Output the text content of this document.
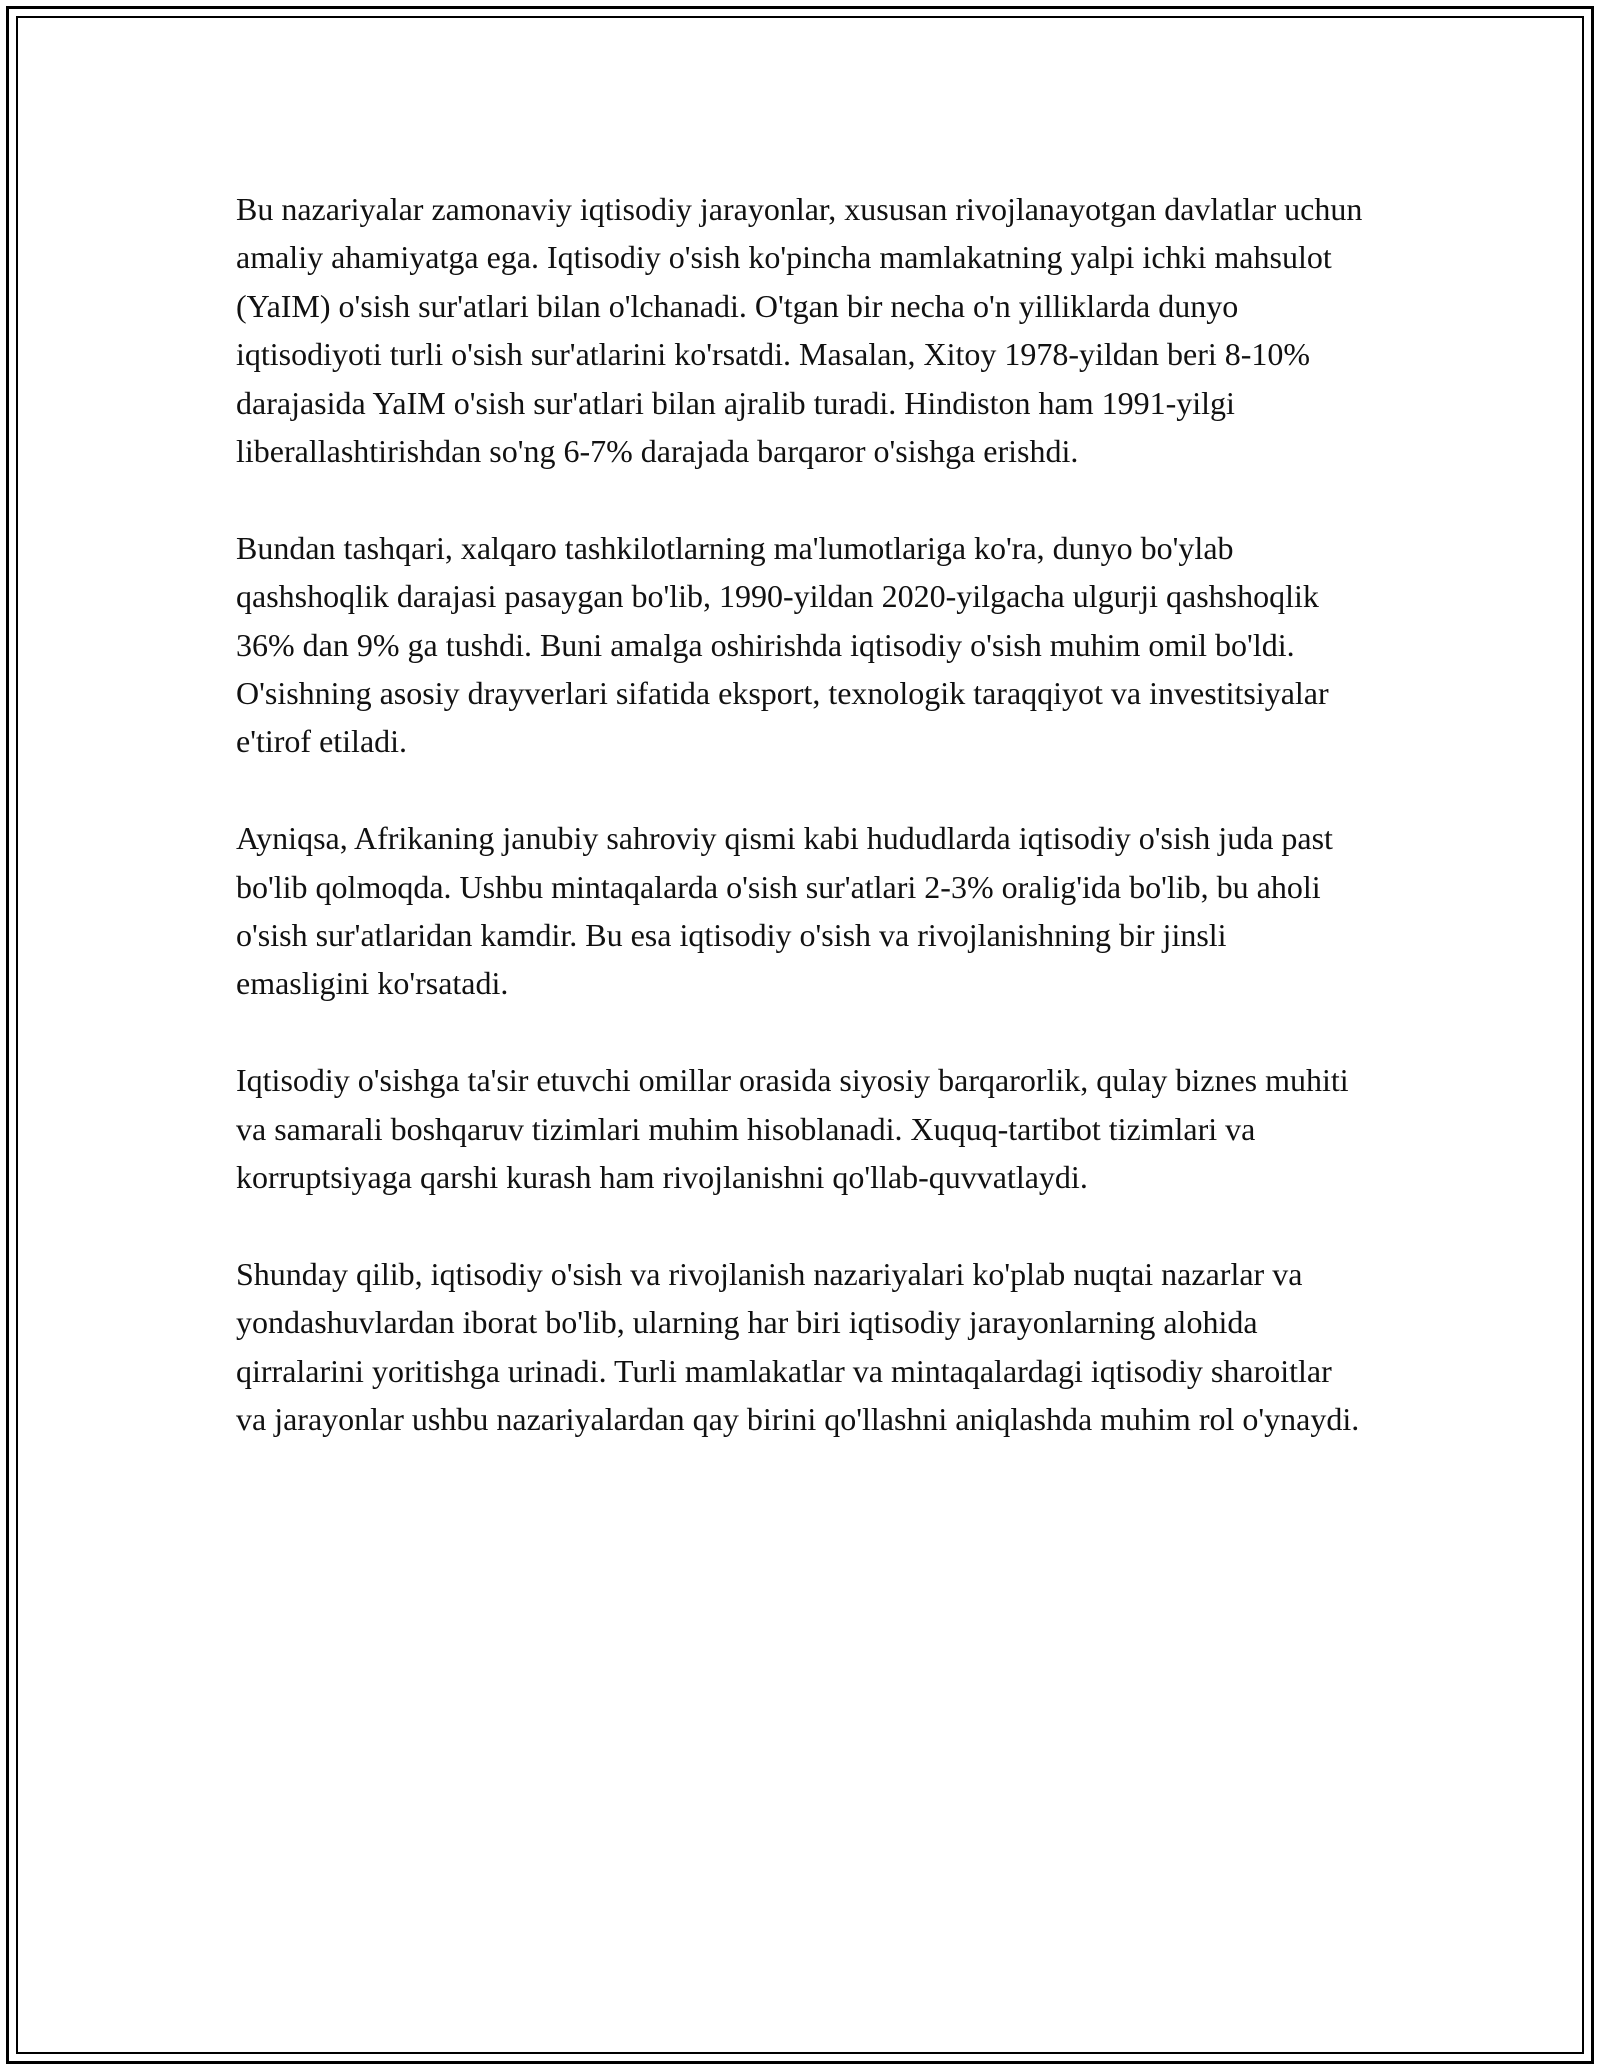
Bu nazariyalar zamonaviy iqtisodiy jarayonlar, xususan rivojlanayotgan davlatlar uchun amaliy ahamiyatga ega. Iqtisodiy o'sish ko'pincha mamlakatning yalpi ichki mahsulot (YaIM) o'sish sur'atlari bilan o'lchanadi. O'tgan bir necha o'n yilliklarda dunyo iqtisodiyoti turli o'sish sur'atlarini ko'rsatdi. Masalan, Xitoy 1978-yildan beri 8-10% darajasida YaIM o'sish sur'atlari bilan ajralib turadi. Hindiston ham 1991-yilgi liberallashtirishdan so'ng 6-7% darajada barqaror o'sishga erishdi.

Bundan tashqari, xalqaro tashkilotlarning ma'lumotlariga ko'ra, dunyo bo'ylab qashshoqlik darajasi pasaygan bo'lib, 1990-yildan 2020-yilgacha ulgurji qashshoqlik 36% dan 9% ga tushdi. Buni amalga oshirishda iqtisodiy o'sish muhim omil bo'ldi. O'sishning asosiy drayverlari sifatida eksport, texnologik taraqqiyot va investitsiyalar e'tirof etiladi.

Ayniqsa, Afrikaning janubiy sahroviy qismi kabi hududlarda iqtisodiy o'sish juda past bo'lib qolmoqda. Ushbu mintaqalarda o'sish sur'atlari 2-3% oralig'ida bo'lib, bu aholi o'sish sur'atlaridan kamdir. Bu esa iqtisodiy o'sish va rivojlanishning bir jinsli emasligini ko'rsatadi.

Iqtisodiy o'sishga ta'sir etuvchi omillar orasida siyosiy barqarorlik, qulay biznes muhiti va samarali boshqaruv tizimlari muhim hisoblanadi. Xuquq-tartibot tizimlari va korruptsiyaga qarshi kurash ham rivojlanishni qo'llab-quvvatlaydi.

Shunday qilib, iqtisodiy o'sish va rivojlanish nazariyalari ko'plab nuqtai nazarlar va yondashuvlardan iborat bo'lib, ularning har biri iqtisodiy jarayonlarning alohida qirralarini yoritishga urinadi. Turli mamlakatlar va mintaqalardagi iqtisodiy sharoitlar va jarayonlar ushbu nazariyalardan qay birini qo'llashni aniqlashda muhim rol o'ynaydi.
